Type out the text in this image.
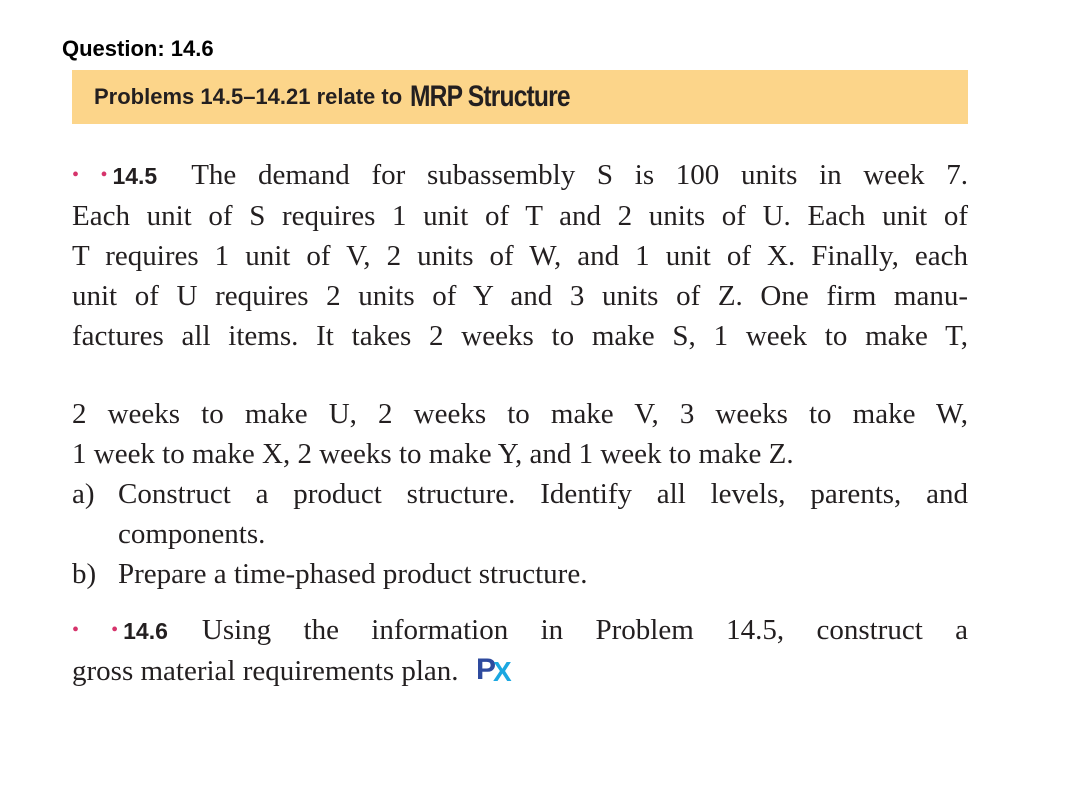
Question: 14.6
Problems 14.5–14.21 relate to MRP Structure
• • 14.5 The demand for subassembly S is 100 units in week 7.
Each unit of S requires 1 unit of T and 2 units of U. Each unit of
T requires 1 unit of V, 2 units of W, and 1 unit of X. Finally, each
unit of U requires 2 units of Y and 3 units of Z. One firm manu-
factures all items. It takes 2 weeks to make S, 1 week to make T,
2 weeks to make U, 2 weeks to make V, 3 weeks to make W,
1 week to make X, 2 weeks to make Y, and 1 week to make Z.
a) Construct a product structure. Identify all levels, parents, and
components.
b) Prepare a time-phased product structure.
• • 14.6 Using the information in Problem 14.5, construct a
gross material requirements plan. P
X
